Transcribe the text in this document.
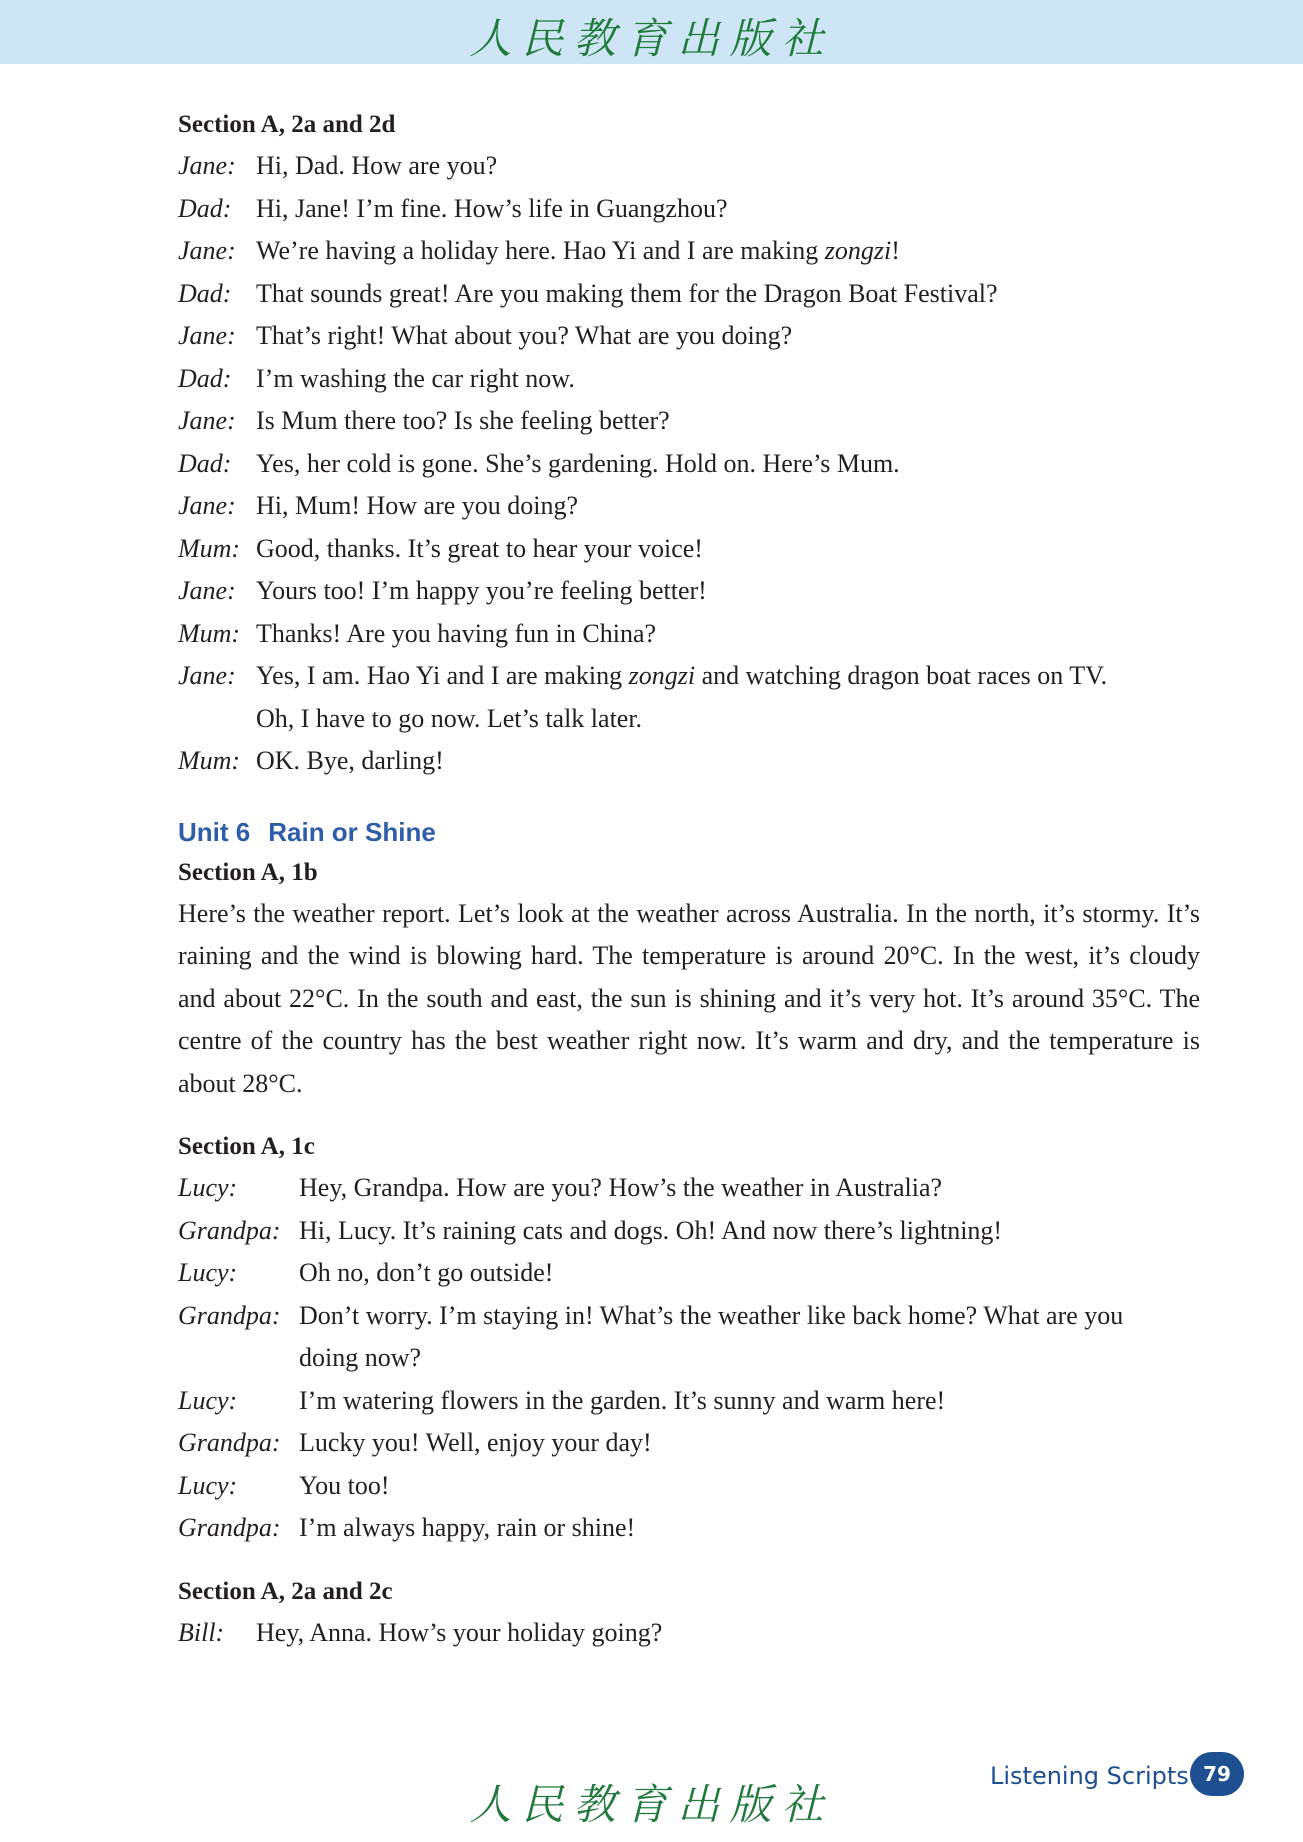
人民教育出版社
Section A, 2a and 2d
Jane: Hi, Dad. How are you?
Dad: Hi, Jane! I’m fine. How’s life in Guangzhou?
Jane: We’re having a holiday here. Hao Yi and I are making zongzi!
Dad: That sounds great! Are you making them for the Dragon Boat Festival?
Jane: That’s right! What about you? What are you doing?
Dad: I’m washing the car right now.
Jane: Is Mum there too? Is she feeling better?
Dad: Yes, her cold is gone. She’s gardening. Hold on. Here’s Mum.
Jane: Hi, Mum! How are you doing?
Mum: Good, thanks. It’s great to hear your voice!
Jane: Yours too! I’m happy you’re feeling better!
Mum: Thanks! Are you having fun in China?
Jane: Yes, I am. Hao Yi and I are making zongzi and watching dragon boat races on TV.
Oh, I have to go now. Let’s talk later.
Mum: OK. Bye, darling!
Unit 6 Rain or Shine
Section A, 1b
Here’s the weather report. Let’s look at the weather across Australia. In the north, it’s stormy. It’s raining and the wind is blowing hard. The temperature is around 20°C. In the west, it’s cloudy and about 22°C. In the south and east, the sun is shining and it’s very hot. It’s around 35°C. The centre of the country has the best weather right now. It’s warm and dry, and the temperature is about 28°C.
Section A, 1c
Lucy:	Hey, Grandpa. How are you? How’s the weather in Australia?
Grandpa: Hi, Lucy. It’s raining cats and dogs. Oh! And now there’s lightning!
Lucy:	Oh no, don’t go outside!
Grandpa: Don’t worry. I’m staying in! What’s the weather like back home? What are you
doing now?
Lucy:	I’m watering flowers in the garden. It’s sunny and warm here!
Grandpa: Lucky you! Well, enjoy your day!
Lucy:	You too!
Grandpa: I’m always happy, rain or shine!
Section A, 2a and 2c
Bill:	Hey, Anna. How’s your holiday going?
人民教育出版社
Listening Scripts 79
